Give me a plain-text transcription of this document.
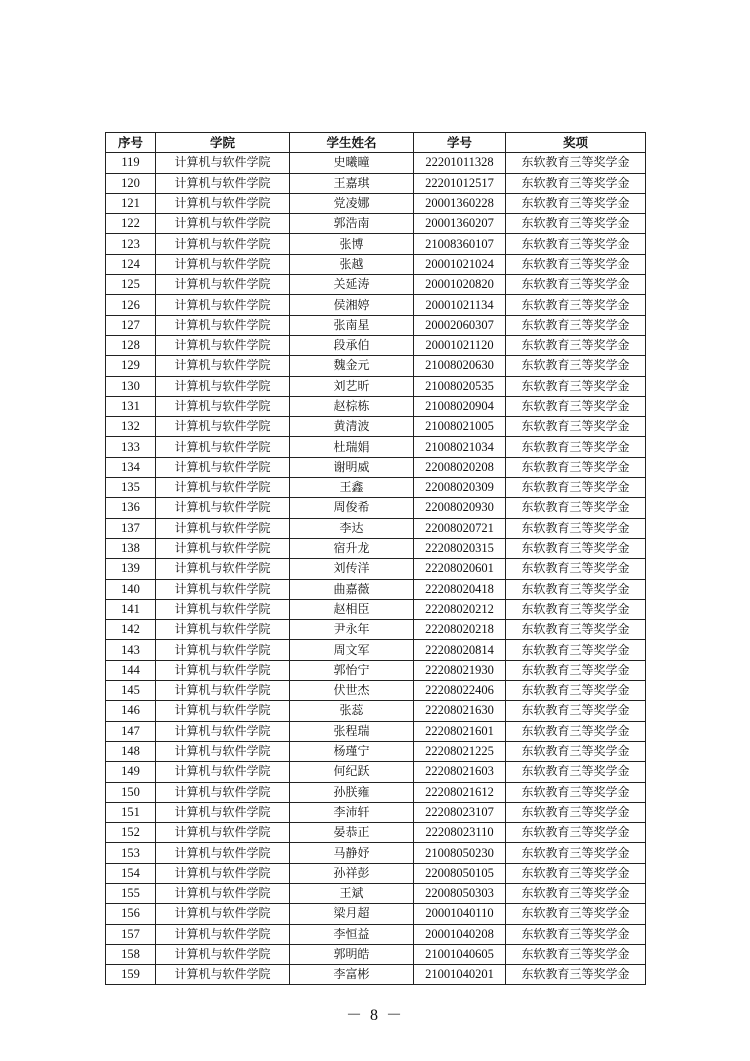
序号	学院	学生姓名	学号	奖项
119	计算机与软件学院	史曦曈	22201011328	东软教育三等奖学金
120	计算机与软件学院	王嘉琪	22201012517	东软教育三等奖学金
121	计算机与软件学院	党凌娜	20001360228	东软教育三等奖学金
122	计算机与软件学院	郭浩南	20001360207	东软教育三等奖学金
123	计算机与软件学院	张博	21008360107	东软教育三等奖学金
124	计算机与软件学院	张越	20001021024	东软教育三等奖学金
125	计算机与软件学院	关延涛	20001020820	东软教育三等奖学金
126	计算机与软件学院	侯湘婷	20001021134	东软教育三等奖学金
127	计算机与软件学院	张南星	20002060307	东软教育三等奖学金
128	计算机与软件学院	段承伯	20001021120	东软教育三等奖学金
129	计算机与软件学院	魏金元	21008020630	东软教育三等奖学金
130	计算机与软件学院	刘艺昕	21008020535	东软教育三等奖学金
131	计算机与软件学院	赵棕栋	21008020904	东软教育三等奖学金
132	计算机与软件学院	黄清波	21008021005	东软教育三等奖学金
133	计算机与软件学院	杜瑞娟	21008021034	东软教育三等奖学金
134	计算机与软件学院	谢明威	22008020208	东软教育三等奖学金
135	计算机与软件学院	王鑫	22008020309	东软教育三等奖学金
136	计算机与软件学院	周俊希	22008020930	东软教育三等奖学金
137	计算机与软件学院	李达	22008020721	东软教育三等奖学金
138	计算机与软件学院	宿升龙	22208020315	东软教育三等奖学金
139	计算机与软件学院	刘传洋	22208020601	东软教育三等奖学金
140	计算机与软件学院	曲嘉薇	22208020418	东软教育三等奖学金
141	计算机与软件学院	赵相臣	22208020212	东软教育三等奖学金
142	计算机与软件学院	尹永年	22208020218	东软教育三等奖学金
143	计算机与软件学院	周文军	22208020814	东软教育三等奖学金
144	计算机与软件学院	郭怡宁	22208021930	东软教育三等奖学金
145	计算机与软件学院	伏世杰	22208022406	东软教育三等奖学金
146	计算机与软件学院	张蕊	22208021630	东软教育三等奖学金
147	计算机与软件学院	张程瑞	22208021601	东软教育三等奖学金
148	计算机与软件学院	杨瑾宁	22208021225	东软教育三等奖学金
149	计算机与软件学院	何纪跃	22208021603	东软教育三等奖学金
150	计算机与软件学院	孙朕雍	22208021612	东软教育三等奖学金
151	计算机与软件学院	李沛轩	22208023107	东软教育三等奖学金
152	计算机与软件学院	晏恭正	22208023110	东软教育三等奖学金
153	计算机与软件学院	马静妤	21008050230	东软教育三等奖学金
154	计算机与软件学院	孙祥彭	22008050105	东软教育三等奖学金
155	计算机与软件学院	王斌	22008050303	东软教育三等奖学金
156	计算机与软件学院	梁月超	20001040110	东软教育三等奖学金
157	计算机与软件学院	李恒益	20001040208	东软教育三等奖学金
158	计算机与软件学院	郭明皓	21001040605	东软教育三等奖学金
159	计算机与软件学院	李富彬	21001040201	东软教育三等奖学金
－ 8 －
